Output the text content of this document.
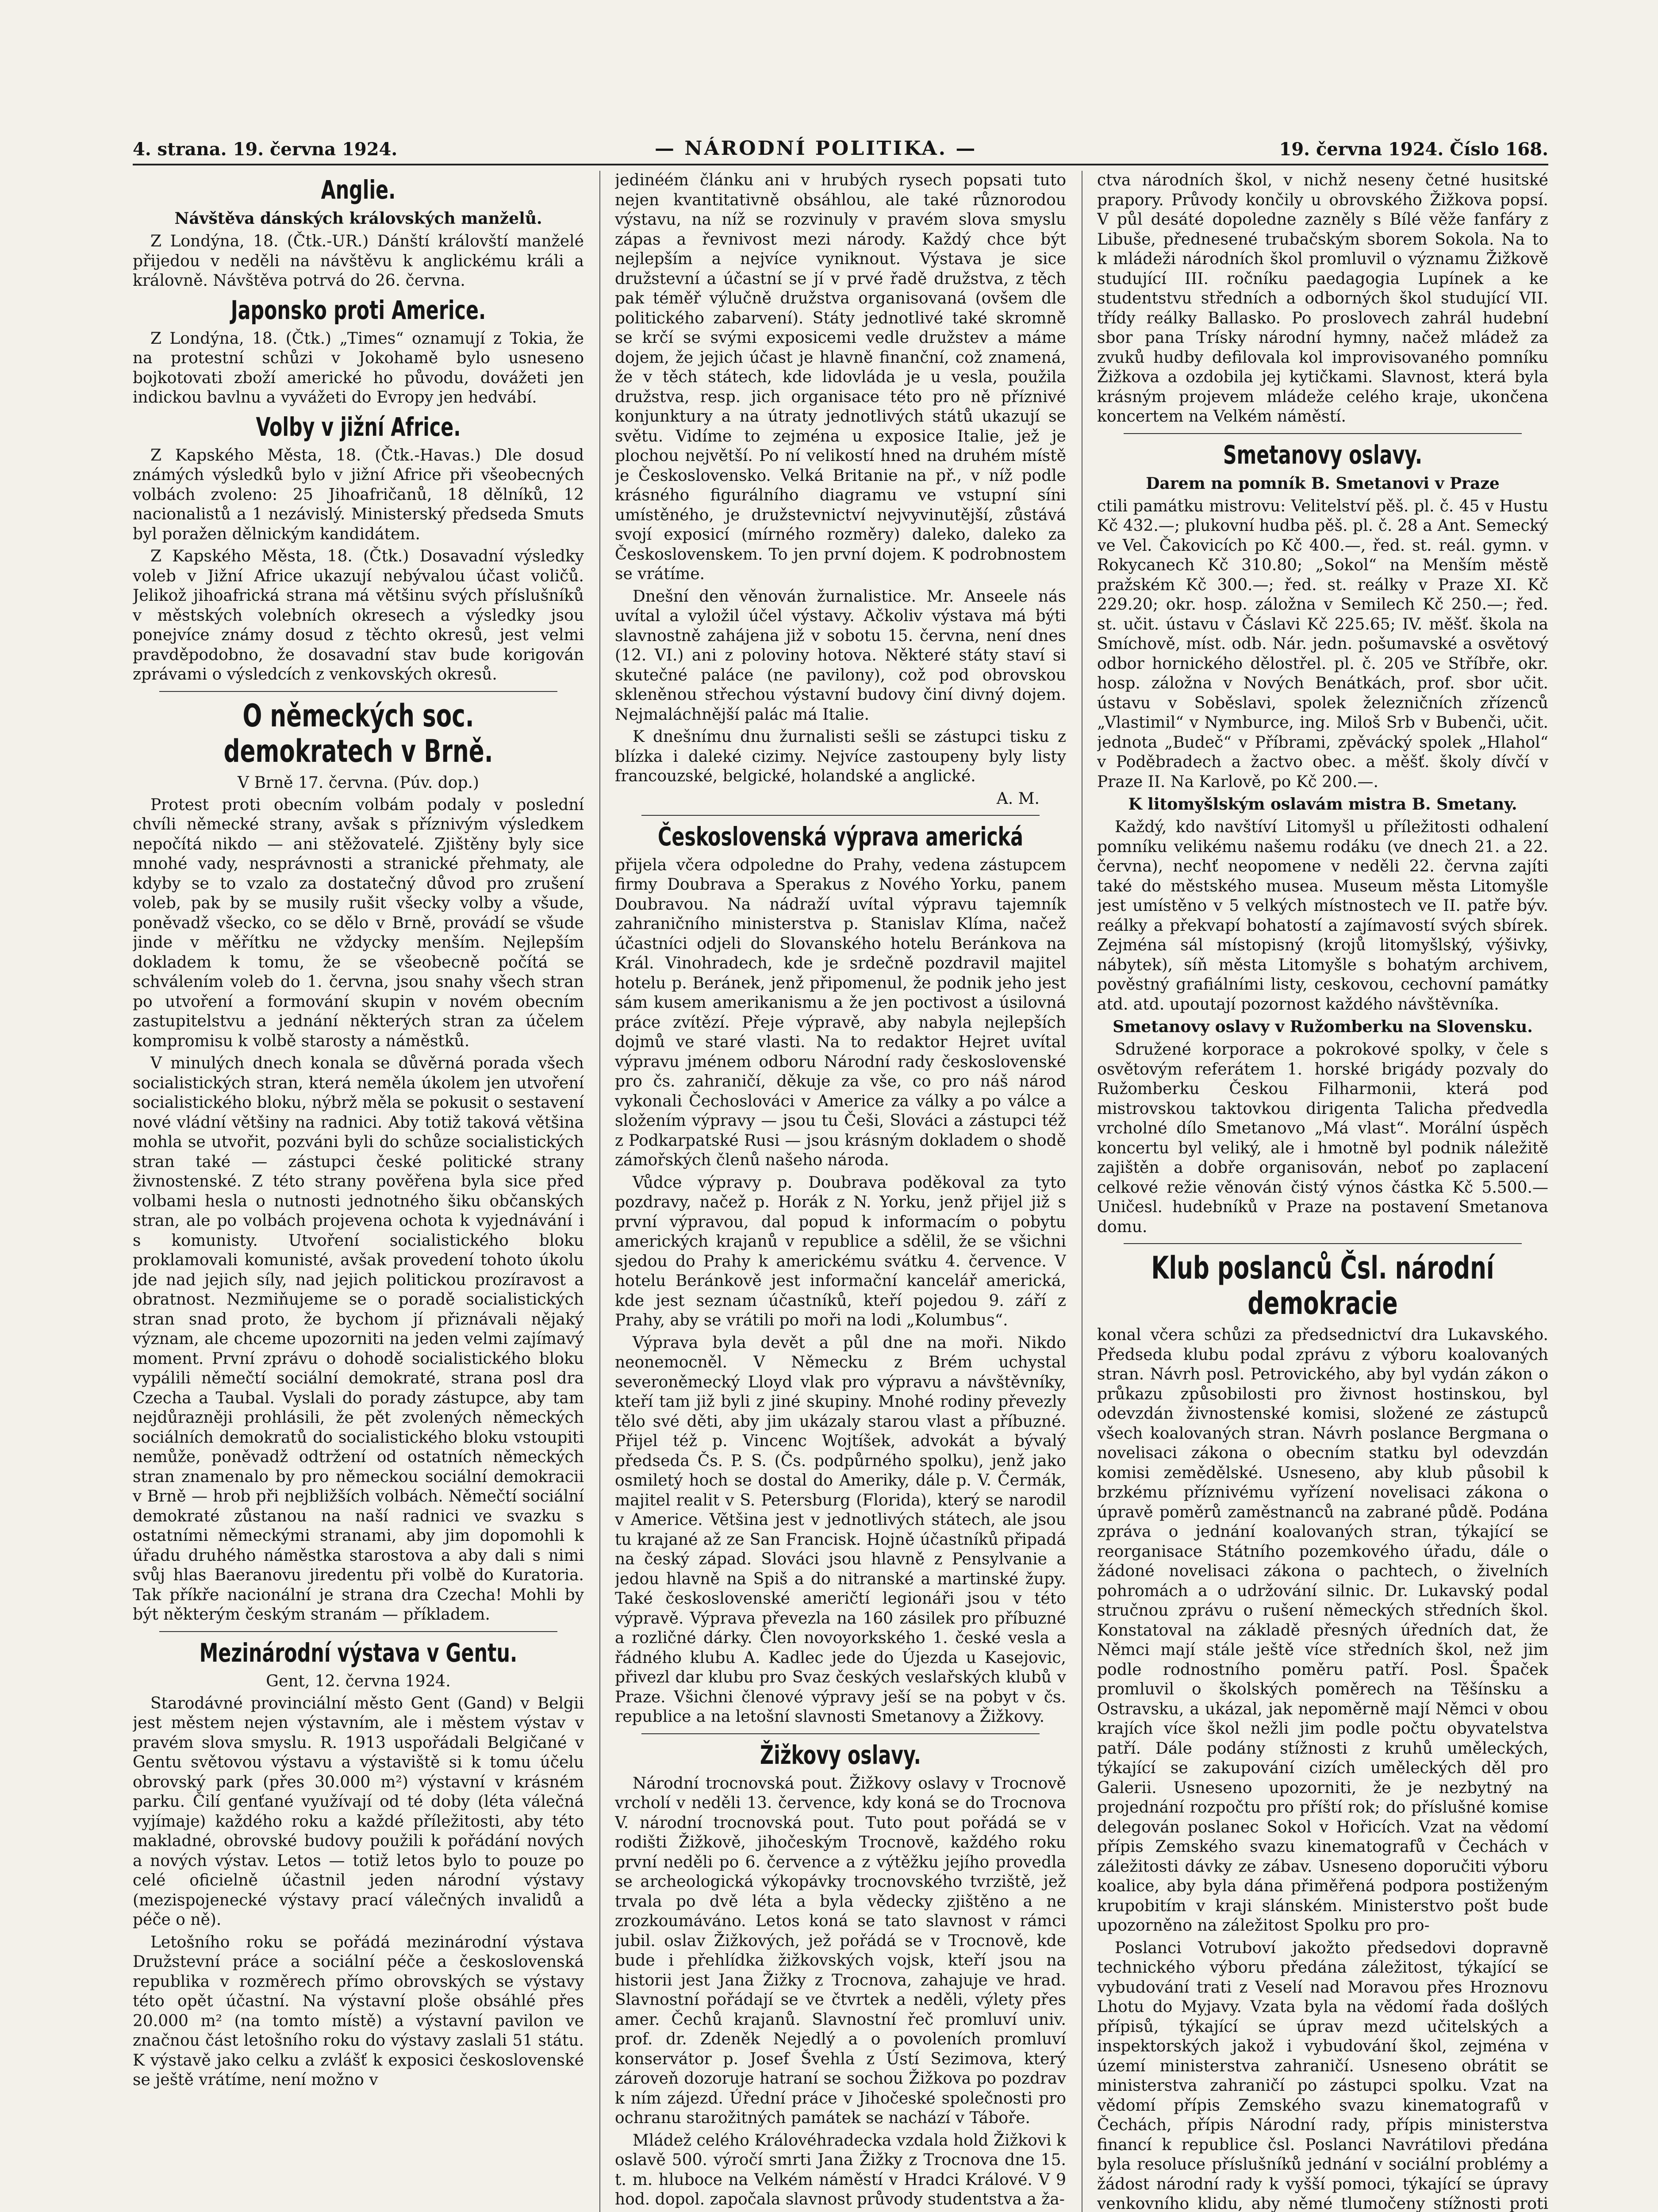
4. strana. 19. června 1924.	— NÁRODNÍ POLITIKA. —	19. června 1924. Číslo 168.
Anglie.
Návštěva dánských královských manželů.

Z Londýna, 18. (Čtk.-UR.) Dánští královští manželé přijedou v neděli na návštěvu k anglickému králi a královně. Návštěva potrvá do 26. června.

Japonsko proti Americe.

Z Londýna, 18. (Čtk.) „Times“ oznamují z Tokia, že na protestní schůzi v Jokohamě bylo usneseno bojkotovati zboží americké ho původu, dovážeti jen indickou bavlnu a vyvážeti do Evropy jen hedvábí.

Volby v jižní Africe.

Z Kapského Města, 18. (Čtk.-Havas.) Dle dosud známých výsledků bylo v jižní Africe při všeobecných volbách zvoleno: 25 Jihoafričanů, 18 dělníků, 12 nacionalistů a 1 nezávislý. Ministerský předseda Smuts byl poražen dělnickým kandidátem.

Z Kapského Města, 18. (Čtk.) Dosavadní výsledky voleb v Jižní Africe ukazují nebývalou účast voličů. Jelikož jihoafrická strana má většinu svých příslušníků v městských volebních okresech a výsledky jsou ponejvíce známy dosud z těchto okresů, jest velmi pravděpodobno, že dosavadní stav bude korigován zprávami o výsledcích z venkovských okresů.

O německých soc. demokratech v Brně.
V Brně 17. června. (Púv. dop.)

Protest proti obecním volbám podaly v poslední chvíli německé strany, avšak s příznivým výsledkem nepočítá nikdo — ani stěžovatelé. Zjištěny byly sice mnohé vady, nesprávnosti a stranické přehmaty, ale kdyby se to vzalo za dostatečný důvod pro zrušení voleb, pak by se musily rušit všecky volby a všude, poněvadž všecko, co se dělo v Brně, provádí se všude jinde v měřítku ne vždycky menším. Nejlepším dokladem k tomu, že se všeobecně počítá se schválením voleb do 1. června, jsou snahy všech stran po utvoření a formování skupin v novém obecním zastupitelstvu a jednání některých stran za účelem kompromisu k volbě starosty a náměstků.

V minulých dnech konala se důvěrná porada všech socialistických stran, která neměla úkolem jen utvoření socialistického bloku, nýbrž měla se pokusit o sestavení nové vládní většiny na radnici. Aby totiž taková většina mohla se utvořit, pozváni byli do schůze socialistických stran také — zástupci české politické strany živnostenské. Z této strany pověřena byla sice před volbami hesla o nutnosti jednotného šiku občanských stran, ale po volbách projevena ochota k vyjednávání i s komunisty. Utvoření socialistického bloku proklamovali komunisté, avšak provedení tohoto úkolu jde nad jejich síly, nad jejich politickou prozíravost a obratnost. Nezmiňujeme se o poradě socialistických stran snad proto, že bychom jí přiznávali nějaký význam, ale chceme upozorniti na jeden velmi zajímavý moment. První zprávu o dohodě socialistického bloku vypálili němečtí sociální demokraté, strana posl dra Czecha a Taubal. Vyslali do porady zástupce, aby tam nejdůrazněji prohlásili, že pět zvolených německých sociálních demokratů do socialistického bloku vstoupiti nemůže, poněvadž odtržení od ostatních německých stran znamenalo by pro německou sociální demokracii v Brně — hrob při nejbližších volbách. Němečtí sociální demokraté zůstanou na naší radnici ve svazku s ostatními německými stranami, aby jim dopomohli k úřadu druhého náměstka starostova a aby dali s nimi svůj hlas Baeranovu jiredentu při volbě do Kuratoria. Tak příkře nacionální je strana dra Czecha! Mohli by být některým českým stranám — příkladem.

Mezinárodní výstava v Gentu.
Gent, 12. června 1924.

Starodávné provinciální město Gent (Gand) v Belgii jest městem nejen výstavním, ale i městem výstav v pravém slova smyslu. R. 1913 uspořádali Belgičané v Gentu světovou výstavu a výstaviště si k tomu účelu obrovský park (přes 30.000 m²) výstavní v krásném parku. Čilí genťané využívají od té doby (léta válečná vyjímaje) každého roku a každé příležitosti, aby této makladné, obrovské budovy použili k pořádání nových a nových výstav. Letos — totiž letos bylo to pouze po celé oficielně účastnil jeden národní výstavy (mezispojenecké výstavy prací válečných invalidů a péče o ně).

Letošního roku se pořádá mezinárodní výstava Družstevní práce a sociální péče a československá republika v rozměrech přímo obrovských se výstavy této opět účastní. Na výstavní ploše obsáhlé přes 20.000 m² (na tomto místě) a výstavní pavilon ve značnou část letošního roku do výstavy zaslali 51 státu. K výstavě jako celku a zvlášť k exposici československé se ještě vrátíme, není možno v

jedinéém článku ani v hrubých rysech popsati tuto nejen kvantitativně obsáhlou, ale také různorodou výstavu, na níž se rozvinuly v pravém slova smyslu zápas a řevnivost mezi národy. Každý chce být nejlepším a nejvíce vyniknout. Výstava je sice družstevní a účastní se jí v prvé řadě družstva, z těch pak téměř výlučně družstva organisovaná (ovšem dle politického zabarvení). Státy jednotlivé také skromně se krčí se svými exposicemi vedle družstev a máme dojem, že jejich účast je hlavně finanční, což znamená, že v těch státech, kde lidovláda je u vesla, použila družstva, resp. jich organisace této pro ně příznivé konjunktury a na útraty jednotlivých států ukazují se světu. Vidíme to zejména u exposice Italie, jež je plochou největší. Po ní velikostí hned na druhém místě je Československo. Velká Britanie na př., v níž podle krásného figurálního diagramu ve vstupní síni umístěného, je družstevnictví nejvyvinutější, zůstává svojí exposicí (mírného rozměry) daleko, daleko za Československem. To jen první dojem. K podrobnostem se vrátíme.

Dnešní den věnován žurnalistice. Mr. Anseele nás uvítal a vyložil účel výstavy. Ačkoliv výstava má býti slavnostně zahájena již v sobotu 15. června, není dnes (12. VI.) ani z poloviny hotova. Některé státy staví si skutečné paláce (ne pavilony), což pod obrovskou skleněnou střechou výstavní budovy činí divný dojem. Nejmaláchnější palác má Italie.

K dnešnímu dnu žurnalisti sešli se zástupci tisku z blízka i daleké cizimy. Nejvíce zastoupeny byly listy francouzské, belgické, holandské a anglické.

A. M.
Československá výprava americká

přijela včera odpoledne do Prahy, vedena zástupcem firmy Doubrava a Sperakus z Nového Yorku, panem Doubravou. Na nádraží uvítal výpravu tajemník zahraničního ministerstva p. Stanislav Klíma, načež účastníci odjeli do Slovanského hotelu Beránkova na Král. Vinohradech, kde je srdečně pozdravil majitel hotelu p. Beránek, jenž připomenul, že podnik jeho jest sám kusem amerikanismu a že jen poctivost a úsilovná práce zvítězí. Přeje výpravě, aby nabyla nejlepších dojmů ve staré vlasti. Na to redaktor Hejret uvítal výpravu jménem odboru Národní rady československé pro čs. zahraničí, děkuje za vše, co pro náš národ vykonali Čechoslováci v Americe za války a po válce a složením výpravy — jsou tu Češi, Slováci a zástupci též z Podkarpatské Rusi — jsou krásným dokladem o shodě zámořských členů našeho národa.

Vůdce výpravy p. Doubrava poděkoval za tyto pozdravy, načež p. Horák z N. Yorku, jenž přijel již s první výpravou, dal popud k informacím o pobytu amerických krajanů v republice a sdělil, že se všichni sjedou do Prahy k americkému svátku 4. července. V hotelu Beránkově jest informační kancelář americká, kde jest seznam účastníků, kteří pojedou 9. září z Prahy, aby se vrátili po moři na lodi „Kolumbus“.

Výprava byla devět a půl dne na moři. Nikdo neonemocněl. V Německu z Brém uchystal severoněmecký Lloyd vlak pro výpravu a návštěvníky, kteří tam již byli z jiné skupiny. Mnohé rodiny převezly tělo své děti, aby jim ukázaly starou vlast a příbuzné. Přijel též p. Vincenc Wojtíšek, advokát a bývalý předseda Čs. P. S. (Čs. podpůrného spolku), jenž jako osmiletý hoch se dostal do Ameriky, dále p. V. Čermák, majitel realit v S. Petersburg (Florida), který se narodil v Americe. Většina jest v jednotlivých státech, ale jsou tu krajané až ze San Francisk. Hojně účastníků připadá na český západ. Slováci jsou hlavně z Pensylvanie a jedou hlavně na Spiš a do nitranské a martinské župy. Také československé američtí legionáři jsou v této výpravě. Výprava převezla na 160 zásilek pro příbuzné a rozličné dárky. Člen novoyorkského 1. české vesla a řádného klubu A. Kadlec jede do Újezda u Kasejovic, přivezl dar klubu pro Svaz českých veslařských klubů v Praze. Všichni členové výpravy ješí se na pobyt v čs. republice a na letošní slavnosti Smetanovy a Žižkovy.

Žižkovy oslavy.

Národní trocnovská pout. Žižkovy oslavy v Trocnově vrcholí v neděli 13. července, kdy koná se do Trocnova V. národní trocnovská pout. Tuto pout pořádá se v rodišti Žižkově, jihočeským Trocnově, každého roku první neděli po 6. července a z výtěžku jejího provedla se archeologická výkopávky trocnovského tvrziště, jež trvala po dvě léta a byla vědecky zjištěno a ne zrozkoumáváno. Letos koná se tato slavnost v rámci jubil. oslav Žižkových, jež pořádá se v Trocnově, kde bude i přehlídka žižkovských vojsk, kteří jsou na historii jest Jana Žižky z Trocnova, zahajuje ve hrad. Slavnostní pořádají se ve čtvrtek a neděli, výlety přes amer. Čechů krajanů. Slavnostní řeč promluví univ. prof. dr. Zdeněk Nejedlý a o povoleních promluví konservátor p. Josef Švehla z Ústí Sezimova, který zároveň dozoruje hatraní se sochou Žižkova po pozdrav k ním zájezd. Úřední práce v Jihočeské společnosti pro ochranu starožitných památek se nachází v Táboře.

Mládež celého Královéhradecka vzdala hold Žižkovi k oslavě 500. výročí smrti Jana Žižky z Trocnova dne 15. t. m. hluboce na Velkém náměstí v Hradci Králové. V 9 hod. dopol. započala slavnost průvody studentstva a ža-

ctva národních škol, v nichž neseny četné husitské prapory. Průvody končily u obrovského Žižkova popsí. V půl desáté dopoledne zazněly s Bílé věže fanfáry z Libuše, přednesené trubačským sborem Sokola. Na to k mládeži národních škol promluvil o významu Žižkově studující III. ročníku paedagogia Lupínek a ke studentstvu středních a odborných škol studující VII. třídy reálky Ballasko. Po proslovech zahrál hudební sbor pana Trísky národní hymny, načež mládež za zvuků hudby defilovala kol improvisovaného pomníku Žižkova a ozdobila jej kytičkami. Slavnost, která byla krásným projevem mládeže celého kraje, ukončena koncertem na Velkém náměstí.

Smetanovy oslavy.
Darem na pomník B. Smetanovi v Praze

ctili památku mistrovu: Velitelství pěš. pl. č. 45 v Hustu Kč 432.—; plukovní hudba pěš. pl. č. 28 a Ant. Semecký ve Vel. Čakovicích po Kč 400.—, řed. st. reál. gymn. v Rokycanech Kč 310.80; „Sokol“ na Menším městě pražském Kč 300.—; řed. st. reálky v Praze XI. Kč 229.20; okr. hosp. záložna v Semilech Kč 250.—; řed. st. učit. ústavu v Čáslavi Kč 225.65; IV. měšť. škola na Smíchově, míst. odb. Nár. jedn. pošumavské a osvětový odbor hornického dělostřel. pl. č. 205 ve Stříbře, okr. hosp. záložna v Nových Benátkách, prof. sbor učit. ústavu v Soběslavi, spolek železničních zřízenců „Vlastimil“ v Nymburce, ing. Miloš Srb v Bubenči, učit. jednota „Budeč“ v Příbrami, zpěvácký spolek „Hlahol“ v Poděbradech a žactvo obec. a měšť. školy dívčí v Praze II. Na Karlově, po Kč 200.—.

K litomyšlským oslavám mistra B. Smetany.

Každý, kdo navštíví Litomyšl u příležitosti odhalení pomníku velikému našemu rodáku (ve dnech 21. a 22. června), nechť neopomene v neděli 22. června zajíti také do městského musea. Museum města Litomyšle jest umístěno v 5 velkých místnostech ve II. patře býv. reálky a překvapí bohatostí a zajímavostí svých sbírek. Zejména sál místopisný (krojů litomyšlský, výšivky, nábytek), síň města Litomyšle s bohatým archivem, pověstný grafiálními listy, ceskovou, cechovní památky atd. atd. upoutají pozornost každého návštěvníka.

Smetanovy oslavy v Ružomberku na Slovensku.

Sdružené korporace a pokrokové spolky, v čele s osvětovým referátem 1. horské brigády pozvaly do Ružomberku Českou Filharmonii, která pod mistrovskou taktovkou dirigenta Talicha předvedla vrcholné dílo Smetanovo „Má vlast“. Morální úspěch koncertu byl veliký, ale i hmotně byl podnik náležitě zajištěn a dobře organisován, neboť po zaplacení celkové režie věnován čistý výnos částka Kč 5.500.— Uničesl. hudebníků v Praze na postavení Smetanova domu.

Klub poslanců Čsl. národní demokracie

konal včera schůzi za předsednictví dra Lukavského. Předseda klubu podal zprávu z výboru koalovaných stran. Návrh posl. Petrovického, aby byl vydán zákon o průkazu způsobilosti pro živnost hostinskou, byl odevzdán živnostenské komisi, složené ze zástupců všech koalovaných stran. Návrh poslance Bergmana o novelisaci zákona o obecním statku byl odevzdán komisi zemědělské. Usneseno, aby klub působil k brzkému příznivému vyřízení novelisaci zákona o úpravě poměrů zaměstnanců na zabrané půdě. Podána zpráva o jednání koalovaných stran, týkající se reorganisace Státního pozemkového úřadu, dále o žádoné novelisaci zákona o pachtech, o živelních pohromách a o udržování silnic. Dr. Lukavský podal stručnou zprávu o rušení německých středních škol. Konstatoval na základě přesných úředních dat, že Němci mají stále ještě více středních škol, než jim podle rodnostního poměru patří. Posl. Špaček promluvil o školských poměrech na Těšínsku a Ostravsku, a ukázal, jak nepoměrně mají Němci v obou krajích více škol nežli jim podle počtu obyvatelstva patří. Dále podány stížnosti z kruhů uměleckých, týkající se zakupování cizích uměleckých děl pro Galerii. Usneseno upozorniti, že je nezbytný na projednání rozpočtu pro příští rok; do příslušné komise delegován poslanec Sokol v Hořicích. Vzat na vědomí přípis Zemského svazu kinematografů v Čechách v záležitosti dávky ze zábav. Usneseno doporučiti výboru koalice, aby byla dána přiměřená podpora postiženým krupobitím v kraji slánském. Ministerstvo pošt bude upozorněno na záležitost Spolku pro pro-

Poslanci Votruboví jakožto předsedovi dopravně technického výboru předána záležitost, týkající se vybudování trati z Veselí nad Moravou přes Hroznovu Lhotu do Myjavy. Vzata byla na vědomí řada došlých přípisů, týkající se úprav mezd učitelských a inspektorských jakož i vybudování škol, zejména v území ministerstva zahraničí. Usneseno obrátit se ministerstva zahraničí po zástupci spolku. Vzat na vědomí přípis Zemského svazu kinematografů v Čechách, přípis Národní rady, přípis ministerstva financí k republice čsl. Poslanci Navrátilovi předána byla resoluce příslušníků jednání v sociální problémy a žádost národní rady k vyšší pomoci, týkající se úpravy venkovního klidu, aby němé tlumočeny stížnosti proti
